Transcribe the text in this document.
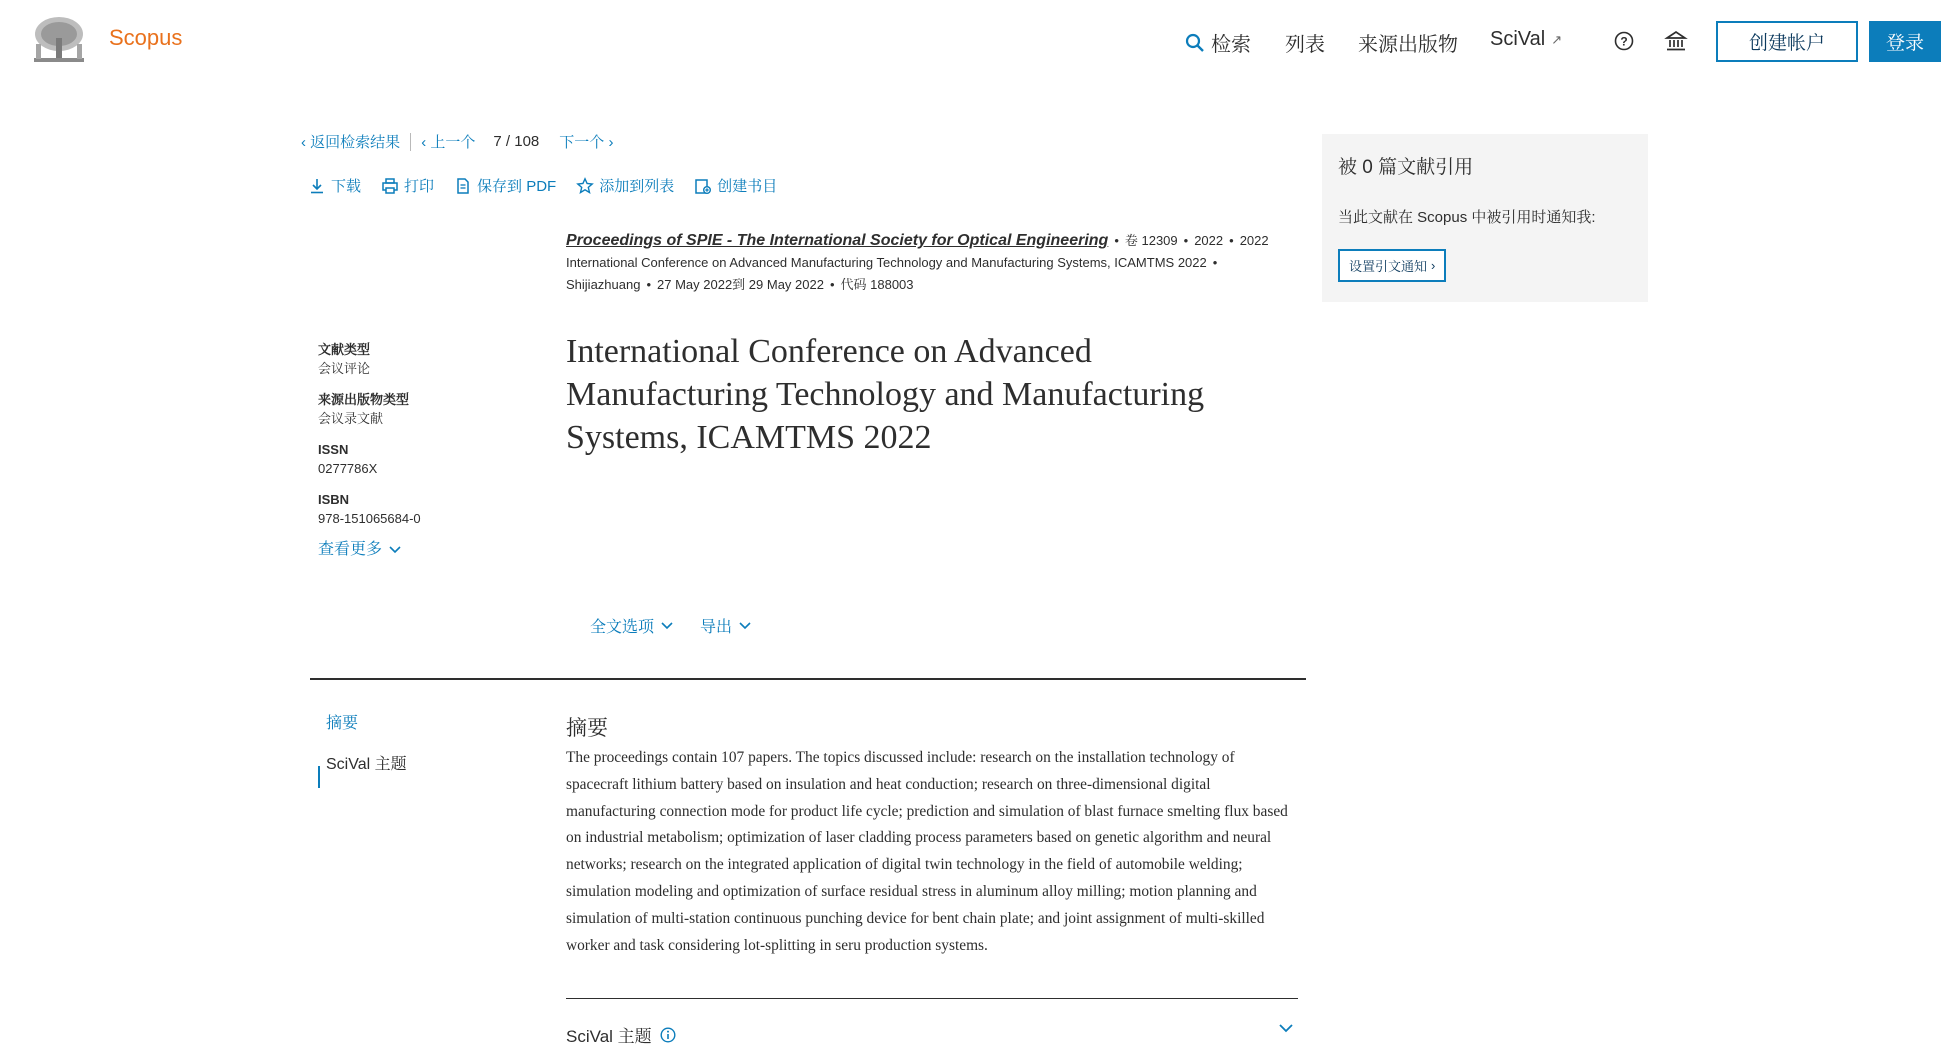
Scopus	检索 列表 来源出版物 SciVal ↗	?	创建帐户	登录
‹ 返回检索结果 ‹ 上一个 7 / 108 下一个 ›
下载	打印	保存到 PDF	添加到列表	创建书目
Proceedings of SPIE - The International Society for Optical Engineering • 卷 12309 • 2022 • 2022
International Conference on Advanced Manufacturing Technology and Manufacturing Systems, ICAMTMS 2022 •
Shijiazhuang • 27 May 2022到 29 May 2022 • 代码 188003
文献类型
会议评论
来源出版物类型
会议录文献
ISSN
0277786X
ISBN
978-151065684-0
查看更多
International Conference on Advanced Manufacturing Technology and Manufacturing Systems, ICAMTMS 2022
全文选项	导出
摘要
SciVal 主题
摘要

The proceedings contain 107 papers. The topics discussed include: research on the installation technology of spacecraft lithium battery based on insulation and heat conduction; research on three-dimensional digital manufacturing connection mode for product life cycle; prediction and simulation of blast furnace smelting flux based on industrial metabolism; optimization of laser cladding process parameters based on genetic algorithm and neural networks; research on the integrated application of digital twin technology in the field of automobile welding; simulation modeling and optimization of surface residual stress in aluminum alloy milling; motion planning and simulation of multi-station continuous punching device for bent chain plate; and joint assignment of multi-skilled worker and task considering lot-splitting in seru production systems.

SciVal 主题
被 0 篇文献引用
当此文献在 Scopus 中被引用时通知我:
设置引文通知 ›
